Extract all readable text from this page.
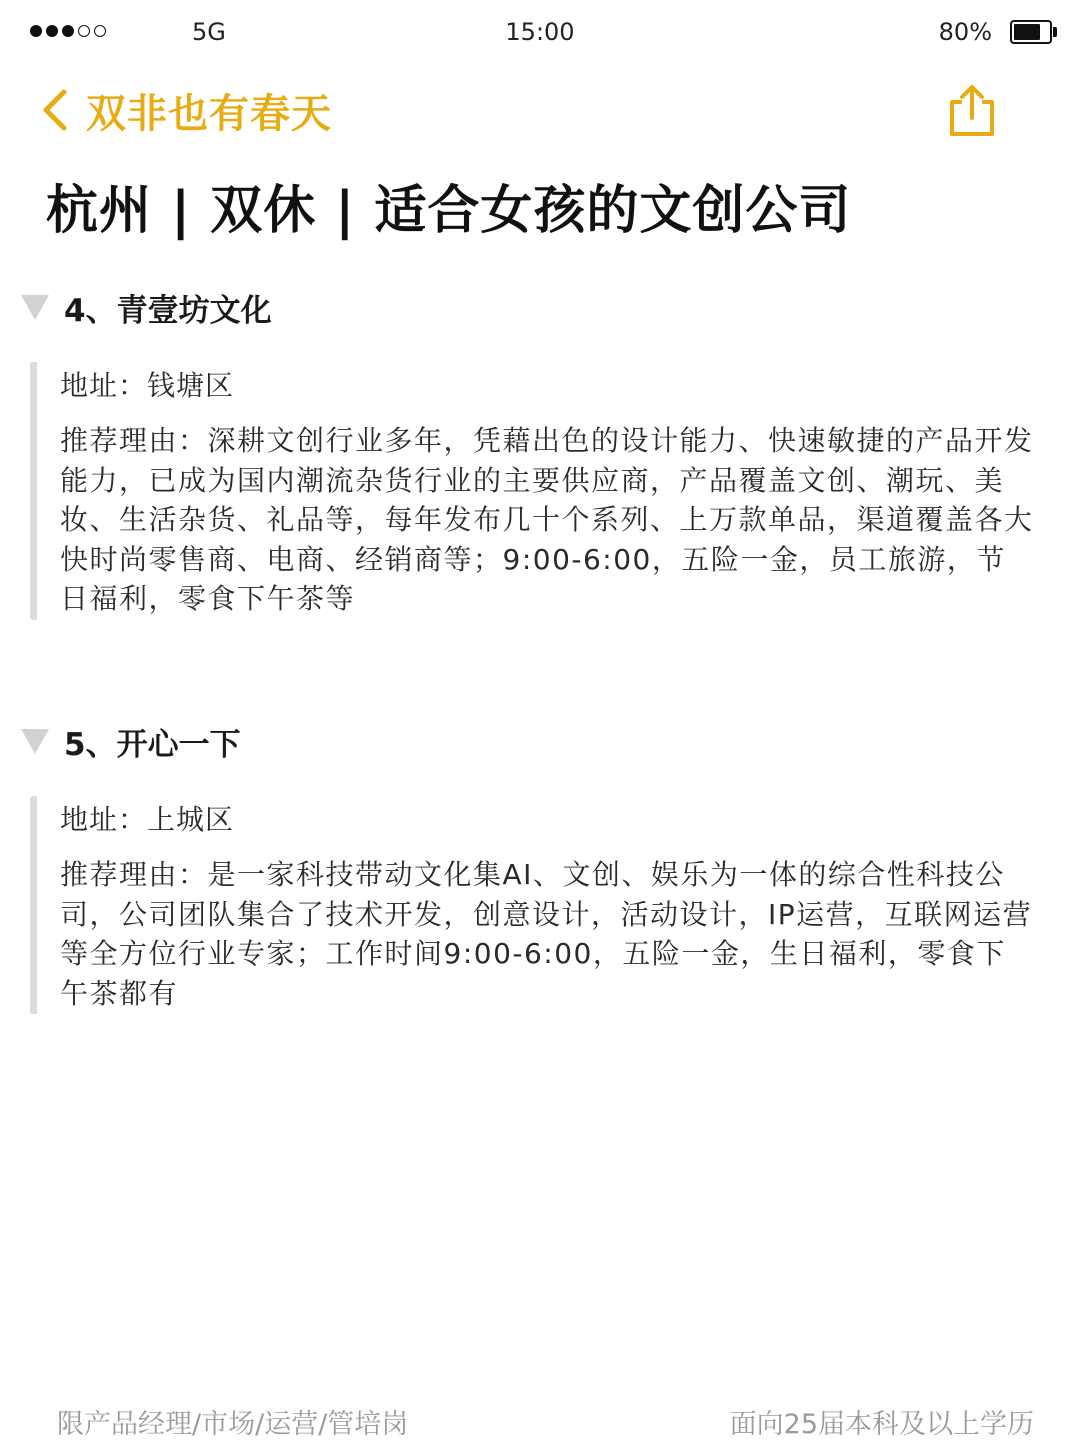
5G	15:00	80%
双非也有春天
杭州 | 双休 | 适合女孩的文创公司
4、青壹坊文化
地址：钱塘区
推荐理由：深耕文创行业多年，凭藉出色的设计能力、快速敏捷的产品开发能力，已成为国内潮流杂货行业的主要供应商，产品覆盖文创、潮玩、美妆、生活杂货、礼品等，每年发布几十个系列、上万款单品，渠道覆盖各大快时尚零售商、电商、经销商等；9:00-6:00，五险一金，员工旅游，节日福利，零食下午茶等
5、开心一下
地址：上城区
推荐理由：是一家科技带动文化集AI、文创、娱乐为一体的综合性科技公司，公司团队集合了技术开发，创意设计，活动设计，IP运营，互联网运营等全方位行业专家；工作时间9:00-6:00，五险一金，生日福利，零食下午茶都有
限产品经理/市场/运营/管培岗	面向25届本科及以上学历
